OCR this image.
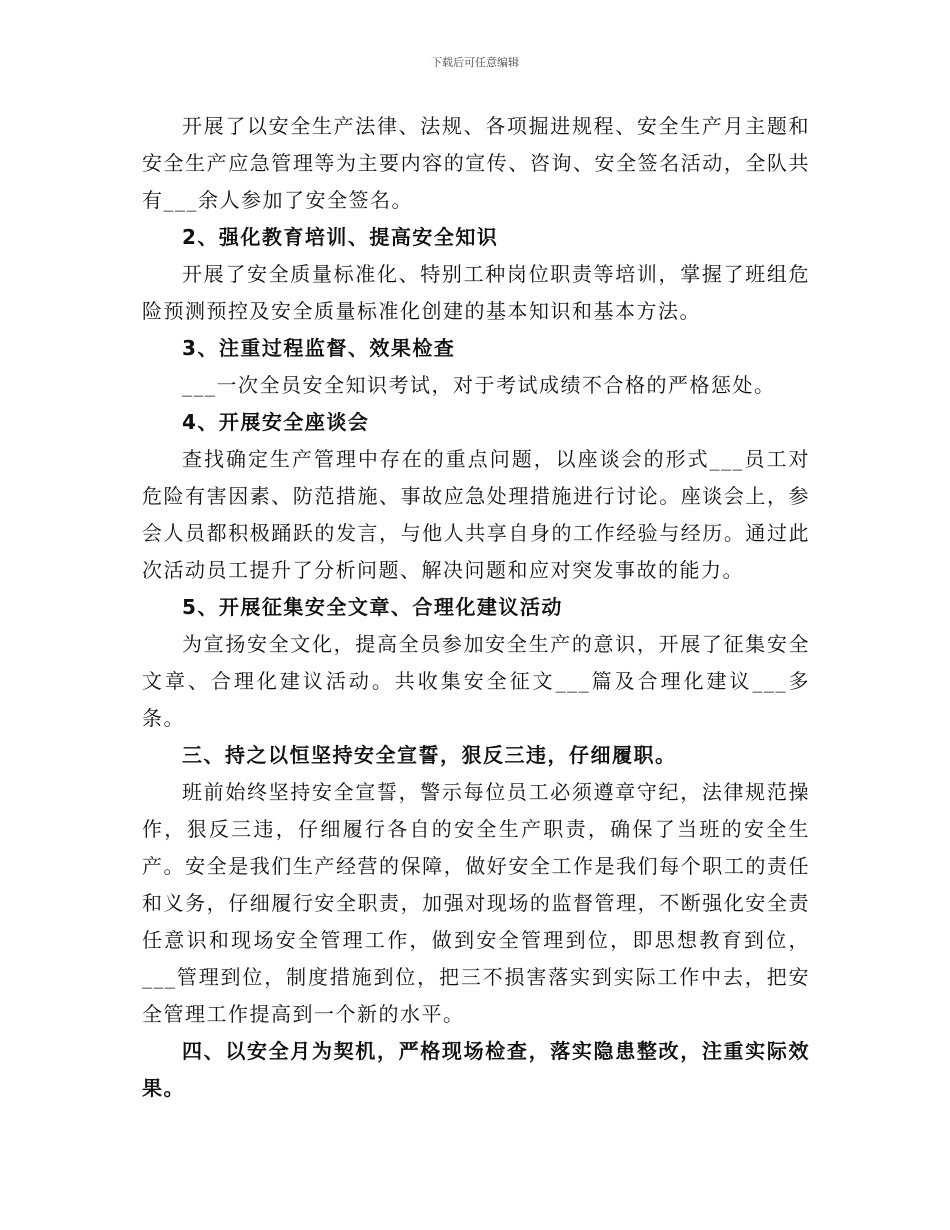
下载后可任意编辑

开展了以安全生产法律、法规、各项掘进规程、安全生产月主题和安全生产应急管理等为主要内容的宣传、咨询、安全签名活动，全队共有___余人参加了安全签名。

2、强化教育培训、提高安全知识

开展了安全质量标准化、特别工种岗位职责等培训，掌握了班组危险预测预控及安全质量标准化创建的基本知识和基本方法。

3、注重过程监督、效果检查

___一次全员安全知识考试，对于考试成绩不合格的严格惩处。

4、开展安全座谈会

查找确定生产管理中存在的重点问题，以座谈会的形式___员工对危险有害因素、防范措施、事故应急处理措施进行讨论。座谈会上，参会人员都积极踊跃的发言，与他人共享自身的工作经验与经历。通过此次活动员工提升了分析问题、解决问题和应对突发事故的能力。

5、开展征集安全文章、合理化建议活动

为宣扬安全文化，提高全员参加安全生产的意识，开展了征集安全文章、合理化建议活动。共收集安全征文___篇及合理化建议___多条。

三、持之以恒坚持安全宣誓，狠反三违，仔细履职。

班前始终坚持安全宣誓，警示每位员工必须遵章守纪，法律规范操作，狠反三违，仔细履行各自的安全生产职责，确保了当班的安全生产。安全是我们生产经营的保障，做好安全工作是我们每个职工的责任和义务，仔细履行安全职责，加强对现场的监督管理，不断强化安全责任意识和现场安全管理工作，做到安全管理到位，即思想教育到位，___管理到位，制度措施到位，把三不损害落实到实际工作中去，把安全管理工作提高到一个新的水平。

四、以安全月为契机，严格现场检查，落实隐患整改，注重实际效果。
